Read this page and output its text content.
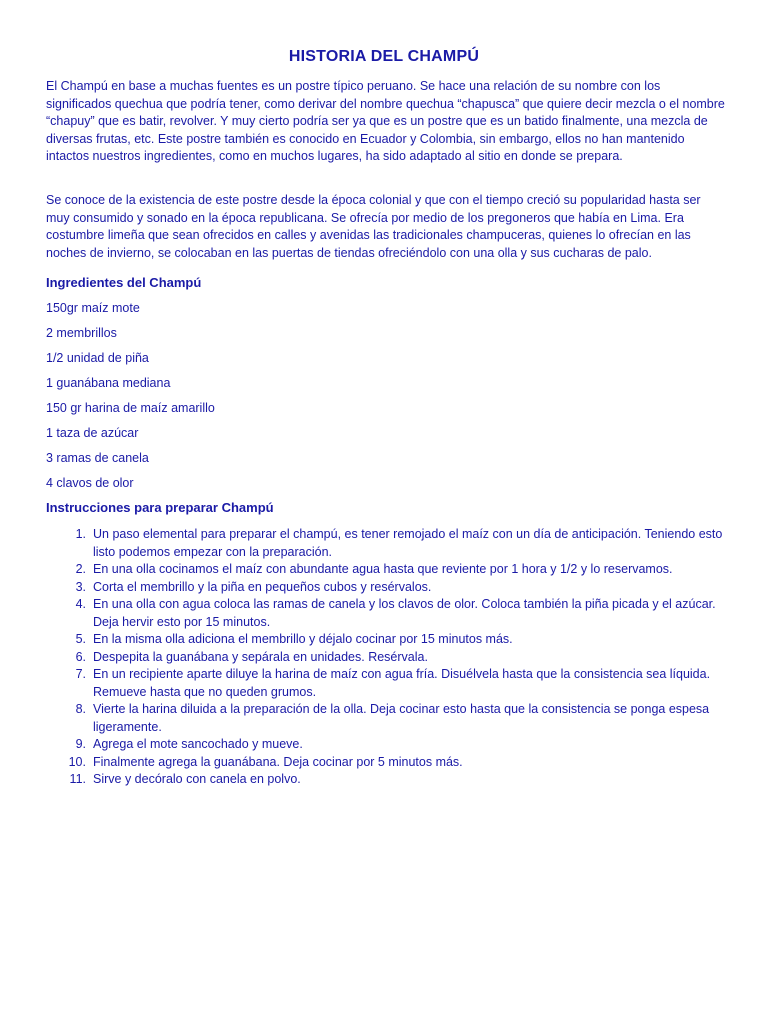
HISTORIA DEL CHAMPÚ

El Champú en base a muchas fuentes es un postre típico peruano. Se hace una relación de su nombre con los significados quechua que podría tener, como derivar del nombre quechua “chapusca” que quiere decir mezcla o el nombre “chapuy” que es batir, revolver. Y muy cierto podría ser ya que es un postre que es un batido finalmente, una mezcla de diversas frutas, etc. Este postre también es conocido en Ecuador y Colombia, sin embargo, ellos no han mantenido intactos nuestros ingredientes, como en muchos lugares, ha sido adaptado al sitio en donde se prepara.

Se conoce de la existencia de este postre desde la época colonial y que con el tiempo creció su popularidad hasta ser muy consumido y sonado en la época republicana. Se ofrecía por medio de los pregoneros que había en Lima. Era costumbre limeña que sean ofrecidos en calles y avenidas las tradicionales champuceras, quienes lo ofrecían en las noches de invierno, se colocaban en las puertas de tiendas ofreciéndolo con una olla y sus cucharas de palo.

Ingredientes del Champú
150gr maíz mote
2 membrillos
1/2 unidad de piña
1 guanábana mediana
150 gr harina de maíz amarillo
1 taza de azúcar
3 ramas de canela
4 clavos de olor
Instrucciones para preparar Champú
1. Un paso elemental para preparar el champú, es tener remojado el maíz con un día de anticipación. Teniendo esto listo podemos empezar con la preparación.
2. En una olla cocinamos el maíz con abundante agua hasta que reviente por 1 hora y 1/2 y lo reservamos.
3. Corta el membrillo y la piña en pequeños cubos y resérvalos.
4. En una olla con agua coloca las ramas de canela y los clavos de olor. Coloca también la piña picada y el azúcar. Deja hervir esto por 15 minutos.
5. En la misma olla adiciona el membrillo y déjalo cocinar por 15 minutos más.
6. Despepita la guanábana y sepárala en unidades. Resérvala.
7. En un recipiente aparte diluye la harina de maíz con agua fría. Disuélvela hasta que la consistencia sea líquida. Remueve hasta que no queden grumos.
8. Vierte la harina diluida a la preparación de la olla. Deja cocinar esto hasta que la consistencia se ponga espesa ligeramente.
9. Agrega el mote sancochado y mueve.
10. Finalmente agrega la guanábana. Deja cocinar por 5 minutos más.
11. Sirve y decóralo con canela en polvo.
